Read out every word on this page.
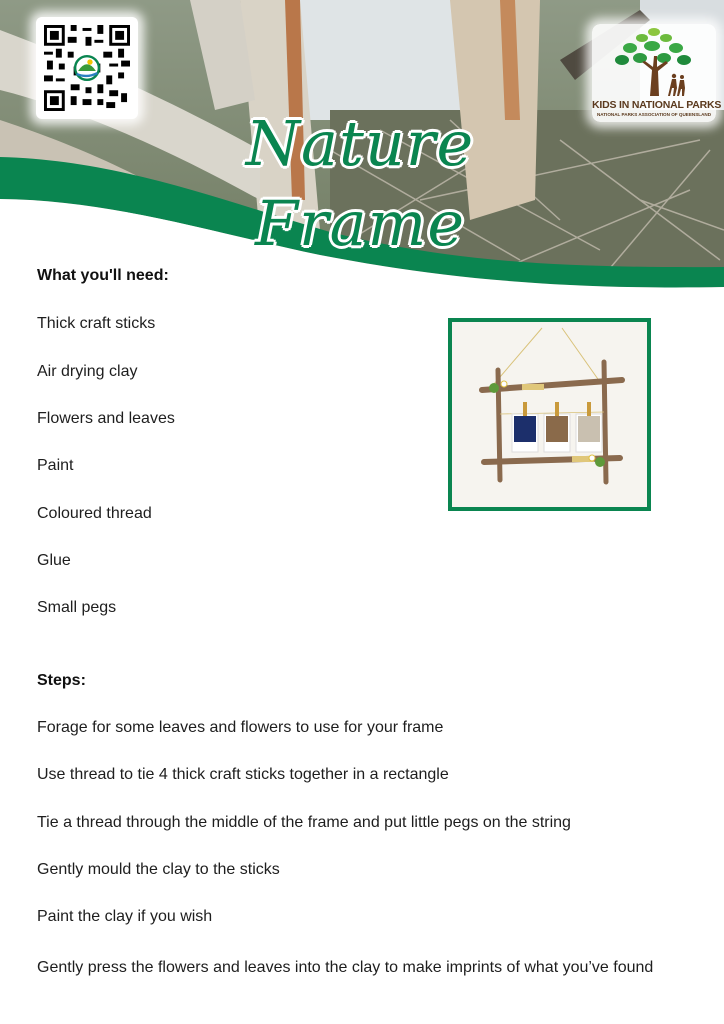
KIDS IN NATIONAL PARKS
NATIONAL PARKS ASSOCIATION OF QUEENSLAND
Nature Frame
What you'll need:
Thick craft sticks
Air drying clay
Flowers and leaves
Paint
Coloured thread
Glue
Small pegs
Steps:
Forage for some leaves and flowers to use for your frame
Use thread to tie 4 thick craft sticks together in a rectangle
Tie a thread through the middle of the frame and put little pegs on the string
Gently mould the clay to the sticks
Paint the clay if you wish
Gently press the flowers and leaves into the clay to make imprints of what you’ve found
